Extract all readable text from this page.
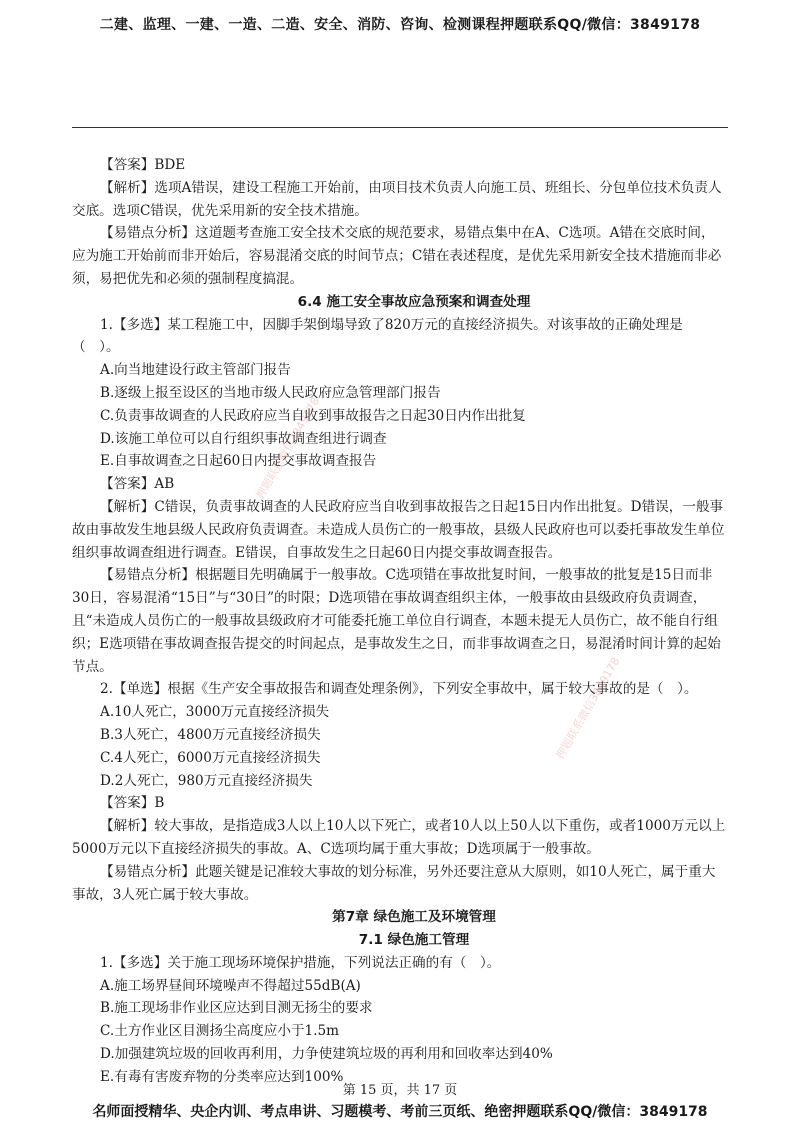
二建、监理、一建、一造、二造、安全、消防、咨询、检测课程押题联系QQ/微信：3849178

【答案】BDE

【解析】选项A错误，建设工程施工开始前，由项目技术负责人向施工员、班组长、分包单位技术负责人交底。选项C错误，优先采用新的安全技术措施。

【易错点分析】这道题考查施工安全技术交底的规范要求，易错点集中在A、C选项。A错在交底时间，应为施工开始前而非开始后，容易混淆交底的时间节点；C错在表述程度，是优先采用新安全技术措施而非必须，易把优先和必须的强制程度搞混。

6.4 施工安全事故应急预案和调查处理

1.【多选】某工程施工中，因脚手架倒塌导致了820万元的直接经济损失。对该事故的正确处理是（　）。

A.向当地建设行政主管部门报告

B.逐级上报至设区的当地市级人民政府应急管理部门报告

C.负责事故调查的人民政府应当自收到事故报告之日起30日内作出批复

D.该施工单位可以自行组织事故调查组进行调查

E.自事故调查之日起60日内提交事故调查报告

【答案】AB

【解析】C错误，负责事故调查的人民政府应当自收到事故报告之日起15日内作出批复。D错误，一般事故由事故发生地县级人民政府负责调查。未造成人员伤亡的一般事故，县级人民政府也可以委托事故发生单位组织事故调查组进行调查。E错误，自事故发生之日起60日内提交事故调查报告。

【易错点分析】根据题目先明确属于一般事故。C选项错在事故批复时间，一般事故的批复是15日而非30日，容易混淆“15日”与“30日”的时限；D选项错在事故调查组织主体，一般事故由县级政府负责调查，且“未造成人员伤亡的一般事故县级政府才可能委托施工单位自行调查，本题未提无人员伤亡，故不能自行组织；E选项错在事故调查报告提交的时间起点，是事故发生之日，而非事故调查之日，易混淆时间计算的起始节点。

2.【单选】根据《生产安全事故报告和调查处理条例》，下列安全事故中，属于较大事故的是（　）。

A.10人死亡，3000万元直接经济损失

B.3人死亡，4800万元直接经济损失

C.4人死亡，6000万元直接经济损失

D.2人死亡，980万元直接经济损失

【答案】B

【解析】较大事故，是指造成3人以上10人以下死亡，或者10人以上50人以下重伤，或者1000万元以上5000万元以下直接经济损失的事故。A、C选项均属于重大事故；D选项属于一般事故。

【易错点分析】此题关键是记准较大事故的划分标准，另外还要注意从大原则，如10人死亡，属于重大事故，3人死亡属于较大事故。

第7章 绿色施工及环境管理

7.1 绿色施工管理

1.【多选】关于施工现场环境保护措施，下列说法正确的有（　）。

A.施工场界昼间环境噪声不得超过55dB(A)

B.施工现场非作业区应达到目测无扬尘的要求

C.土方作业区目测扬尘高度应小于1.5m

D.加强建筑垃圾的回收再利用，力争使建筑垃圾的再利用和回收率达到40%

E.有毒有害废弃物的分类率应达到100%

押题联系微信3849178
押题联系微信3849178
第 15 页，共 17 页
名师面授精华、央企内训、考点串讲、习题模考、考前三页纸、绝密押题联系QQ/微信：3849178
